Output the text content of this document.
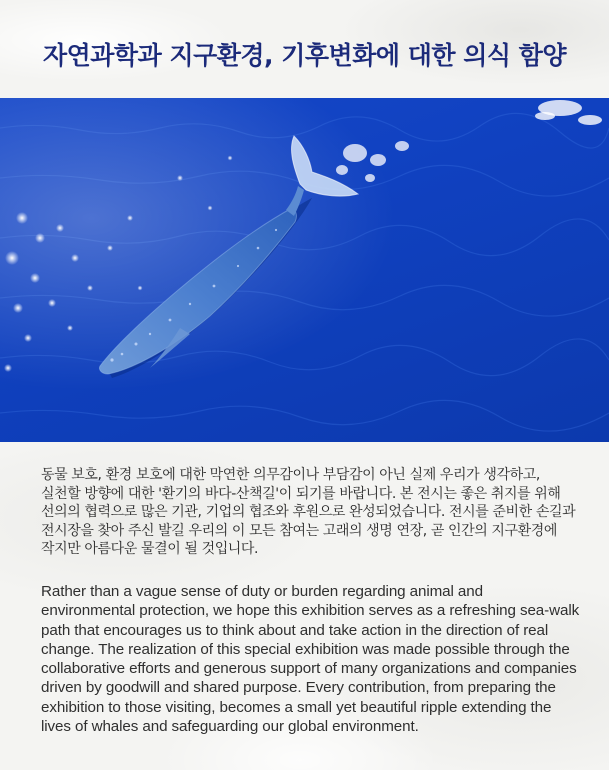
자연과학과 지구환경, 기후변화에 대한 의식 함양

동물 보호, 환경 보호에 대한 막연한 의무감이나 부담감이 아닌 실제 우리가 생각하고, 실천할 방향에 대한 '환기의 바다-산책길'이 되기를 바랍니다. 본 전시는 좋은 취지를 위해 선의의 협력으로 많은 기관, 기업의 협조와 후원으로 완성되었습니다. 전시를 준비한 손길과 전시장을 찾아 주신 발길 우리의 이 모든 참여는 고래의 생명 연장, 곧 인간의 지구환경에 작지만 아름다운 물결이 될 것입니다.

Rather than a vague sense of duty or burden regarding animal and environmental protection, we hope this exhibition serves as a refreshing sea-walk path that encourages us to think about and take action in the direction of real change. The realization of this special exhibition was made possible through the collaborative efforts and generous support of many organizations and companies driven by goodwill and shared purpose. Every contribution, from preparing the exhibition to those visiting, becomes a small yet beautiful ripple extending the lives of whales and safeguarding our global environment.
